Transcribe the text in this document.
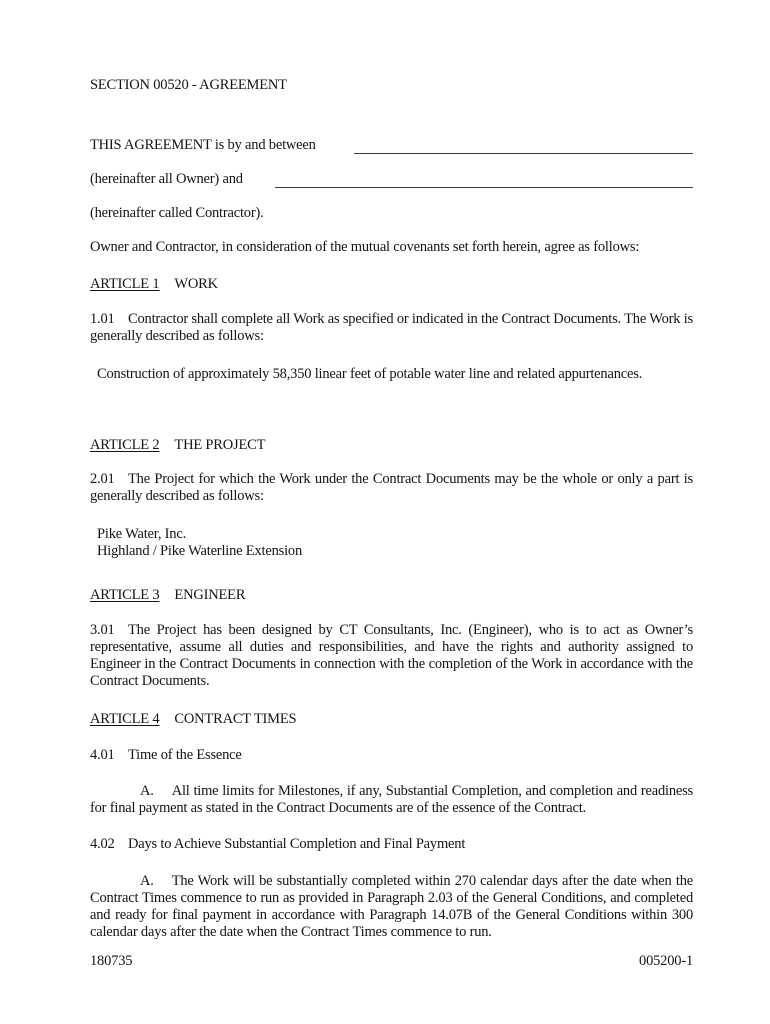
SECTION 00520 - AGREEMENT

THIS AGREEMENT is by and between
(hereinafter all Owner) and

(hereinafter called Contractor).

Owner and Contractor, in consideration of the mutual covenants set forth herein, agree as follows:

ARTICLE 1 WORK

1.01 Contractor shall complete all Work as specified or indicated in the Contract Documents. The Work is generally described as follows:

Construction of approximately 58,350 linear feet of potable water line and related appurtenances.

ARTICLE 2 THE PROJECT

2.01 The Project for which the Work under the Contract Documents may be the whole or only a part is generally described as follows:

Pike Water, Inc.

Highland / Pike Waterline Extension

ARTICLE 3 ENGINEER

3.01 The Project has been designed by CT Consultants, Inc. (Engineer), who is to act as Owner’s representative, assume all duties and responsibilities, and have the rights and authority assigned to Engineer in the Contract Documents in connection with the completion of the Work in accordance with the Contract Documents.

ARTICLE 4 CONTRACT TIMES

4.01 Time of the Essence

A. All time limits for Milestones, if any, Substantial Completion, and completion and readiness for final payment as stated in the Contract Documents are of the essence of the Contract.

4.02 Days to Achieve Substantial Completion and Final Payment

A. The Work will be substantially completed within 270 calendar days after the date when the Contract Times commence to run as provided in Paragraph 2.03 of the General Conditions, and completed and ready for final payment in accordance with Paragraph 14.07B of the General Conditions within 300 calendar days after the date when the Contract Times commence to run.

180735	005200-1
